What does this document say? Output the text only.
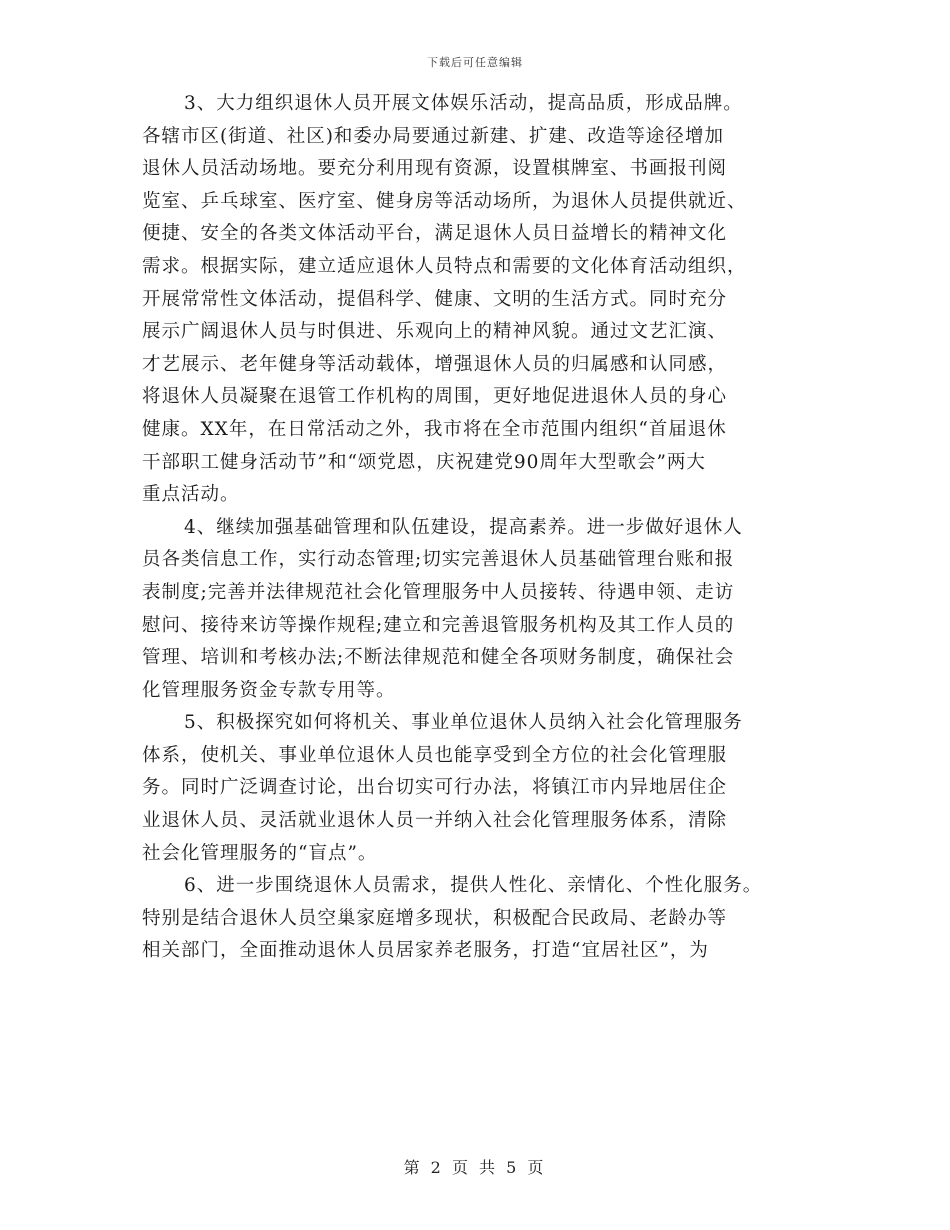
下载后可任意编辑
3、大力组织退休人员开展文体娱乐活动，提高品质，形成品牌。
各辖市区(街道、社区)和委办局要通过新建、扩建、改造等途径增加
退休人员活动场地。要充分利用现有资源，设置棋牌室、书画报刊阅
览室、乒乓球室、医疗室、健身房等活动场所，为退休人员提供就近、
便捷、安全的各类文体活动平台，满足退休人员日益增长的精神文化
需求。根据实际，建立适应退休人员特点和需要的文化体育活动组织，
开展常常性文体活动，提倡科学、健康、文明的生活方式。同时充分
展示广阔退休人员与时俱进、乐观向上的精神风貌。通过文艺汇演、
才艺展示、老年健身等活动载体，增强退休人员的归属感和认同感，
将退休人员凝聚在退管工作机构的周围，更好地促进退休人员的身心
健康。XX年，在日常活动之外，我市将在全市范围内组织“首届退休
干部职工健身活动节”和“颂党恩，庆祝建党90周年大型歌会”两大
重点活动。
4、继续加强基础管理和队伍建设，提高素养。进一步做好退休人
员各类信息工作，实行动态管理;切实完善退休人员基础管理台账和报
表制度;完善并法律规范社会化管理服务中人员接转、待遇申领、走访
慰问、接待来访等操作规程;建立和完善退管服务机构及其工作人员的
管理、培训和考核办法;不断法律规范和健全各项财务制度，确保社会
化管理服务资金专款专用等。
5、积极探究如何将机关、事业单位退休人员纳入社会化管理服务
体系，使机关、事业单位退休人员也能享受到全方位的社会化管理服
务。同时广泛调查讨论，出台切实可行办法，将镇江市内异地居住企
业退休人员、灵活就业退休人员一并纳入社会化管理服务体系，清除
社会化管理服务的“盲点”。
6、进一步围绕退休人员需求，提供人性化、亲情化、个性化服务。
特别是结合退休人员空巢家庭增多现状，积极配合民政局、老龄办等
相关部门，全面推动退休人员居家养老服务，打造“宜居社区”，为
第 2 页 共 5 页
